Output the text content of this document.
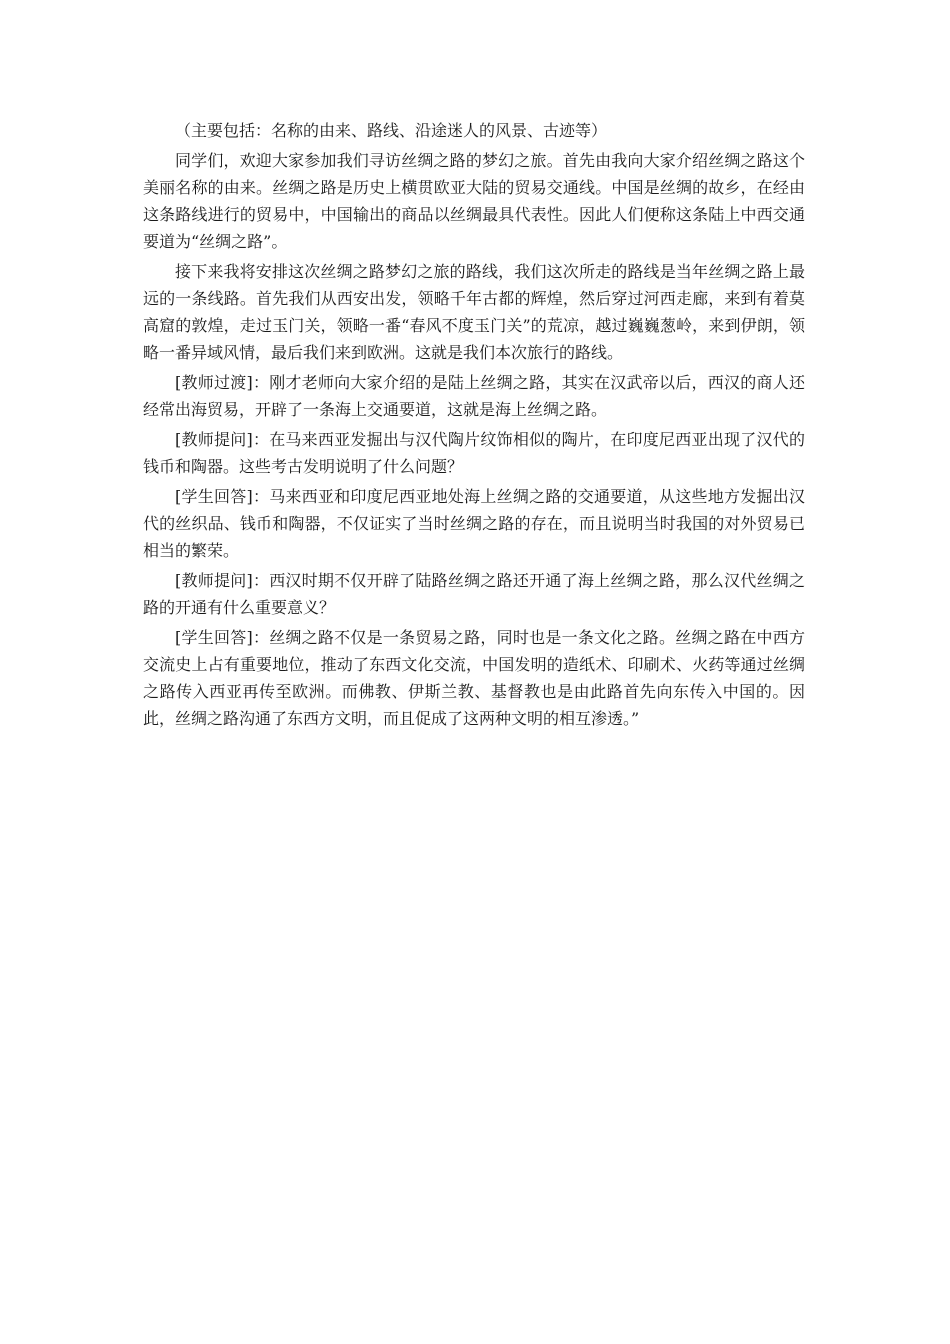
（主要包括：名称的由来、路线、沿途迷人的风景、古迹等）

同学们，欢迎大家参加我们寻访丝绸之路的梦幻之旅。首先由我向大家介绍丝绸之路这个美丽名称的由来。丝绸之路是历史上横贯欧亚大陆的贸易交通线。中国是丝绸的故乡，在经由这条路线进行的贸易中，中国输出的商品以丝绸最具代表性。因此人们便称这条陆上中西交通要道为“丝绸之路”。

接下来我将安排这次丝绸之路梦幻之旅的路线，我们这次所走的路线是当年丝绸之路上最远的一条线路。首先我们从西安出发，领略千年古都的辉煌，然后穿过河西走廊，来到有着莫高窟的敦煌，走过玉门关，领略一番“春风不度玉门关”的荒凉，越过巍巍葱岭，来到伊朗，领略一番异域风情，最后我们来到欧洲。这就是我们本次旅行的路线。

[教师过渡]：刚才老师向大家介绍的是陆上丝绸之路，其实在汉武帝以后，西汉的商人还经常出海贸易，开辟了一条海上交通要道，这就是海上丝绸之路。

[教师提问]：在马来西亚发掘出与汉代陶片纹饰相似的陶片，在印度尼西亚出现了汉代的钱币和陶器。这些考古发明说明了什么问题？

[学生回答]：马来西亚和印度尼西亚地处海上丝绸之路的交通要道，从这些地方发掘出汉代的丝织品、钱币和陶器，不仅证实了当时丝绸之路的存在，而且说明当时我国的对外贸易已相当的繁荣。

[教师提问]：西汉时期不仅开辟了陆路丝绸之路还开通了海上丝绸之路，那么汉代丝绸之路的开通有什么重要意义？

[学生回答]：丝绸之路不仅是一条贸易之路，同时也是一条文化之路。丝绸之路在中西方交流史上占有重要地位，推动了东西文化交流，中国发明的造纸术、印刷术、火药等通过丝绸之路传入西亚再传至欧洲。而佛教、伊斯兰教、基督教也是由此路首先向东传入中国的。因此，丝绸之路沟通了东西方文明，而且促成了这两种文明的相互渗透。”
